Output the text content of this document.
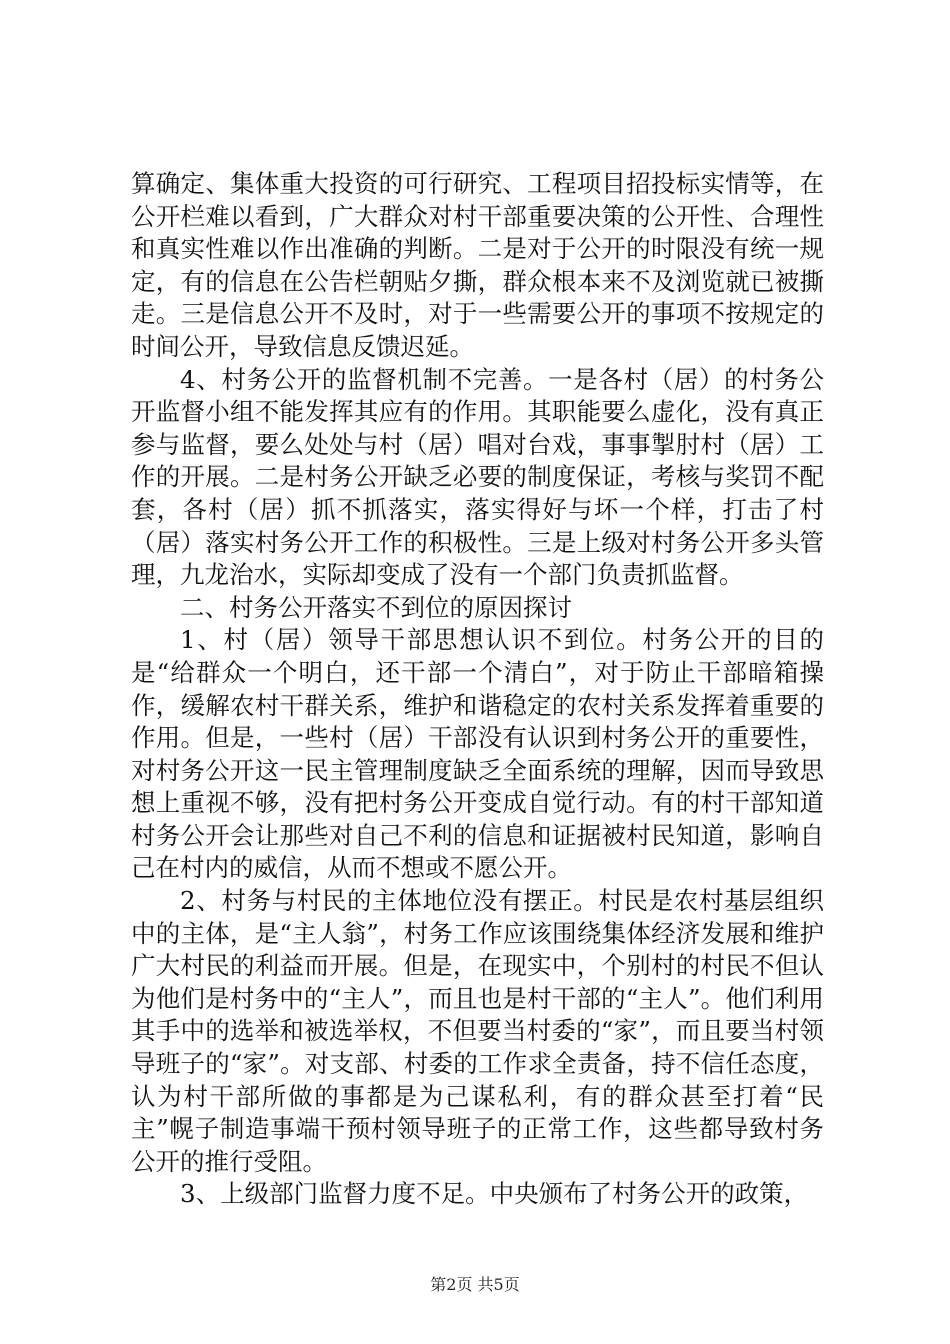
算确定、集体重大投资的可行研究、工程项目招投标实情等，在公开栏难以看到，广大群众对村干部重要决策的公开性、合理性和真实性难以作出准确的判断。二是对于公开的时限没有统一规定，有的信息在公告栏朝贴夕撕，群众根本来不及浏览就已被撕走。三是信息公开不及时，对于一些需要公开的事项不按规定的时间公开，导致信息反馈迟延。

4、村务公开的监督机制不完善。一是各村（居）的村务公开监督小组不能发挥其应有的作用。其职能要么虚化，没有真正参与监督，要么处处与村（居）唱对台戏，事事掣肘村（居）工作的开展。二是村务公开缺乏必要的制度保证，考核与奖罚不配套，各村（居）抓不抓落实，落实得好与坏一个样，打击了村（居）落实村务公开工作的积极性。三是上级对村务公开多头管理，九龙治水，实际却变成了没有一个部门负责抓监督。

二、村务公开落实不到位的原因探讨

1、村（居）领导干部思想认识不到位。村务公开的目的是“给群众一个明白，还干部一个清白”，对于防止干部暗箱操作，缓解农村干群关系，维护和谐稳定的农村关系发挥着重要的作用。但是，一些村（居）干部没有认识到村务公开的重要性，对村务公开这一民主管理制度缺乏全面系统的理解，因而导致思想上重视不够，没有把村务公开变成自觉行动。有的村干部知道村务公开会让那些对自己不利的信息和证据被村民知道，影响自己在村内的威信，从而不想或不愿公开。

2、村务与村民的主体地位没有摆正。村民是农村基层组织中的主体，是“主人翁”，村务工作应该围绕集体经济发展和维护广大村民的利益而开展。但是，在现实中，个别村的村民不但认为他们是村务中的“主人”，而且也是村干部的“主人”。他们利用其手中的选举和被选举权，不但要当村委的“家”，而且要当村领导班子的“家”。对支部、村委的工作求全责备，持不信任态度，认为村干部所做的事都是为己谋私利，有的群众甚至打着“民主”幌子制造事端干预村领导班子的正常工作，这些都导致村务公开的推行受阻。

3、上级部门监督力度不足。中央颁布了村务公开的政策，

第2页 共5页
